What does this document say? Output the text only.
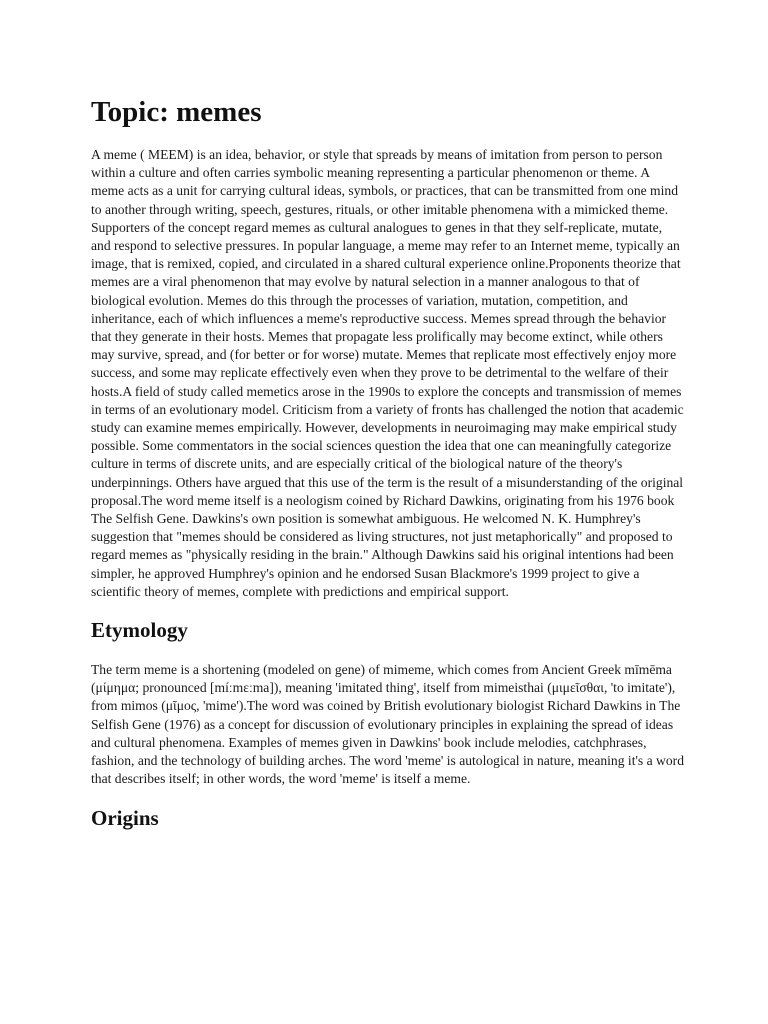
Topic: memes

A meme ( MEEM) is an idea, behavior, or style that spreads by means of imitation from person to person within a culture and often carries symbolic meaning representing a particular phenomenon or theme. A meme acts as a unit for carrying cultural ideas, symbols, or practices, that can be transmitted from one mind to another through writing, speech, gestures, rituals, or other imitable phenomena with a mimicked theme. Supporters of the concept regard memes as cultural analogues to genes in that they self-replicate, mutate, and respond to selective pressures. In popular language, a meme may refer to an Internet meme, typically an image, that is remixed, copied, and circulated in a shared cultural experience online.Proponents theorize that memes are a viral phenomenon that may evolve by natural selection in a manner analogous to that of biological evolution. Memes do this through the processes of variation, mutation, competition, and inheritance, each of which influences a meme's reproductive success. Memes spread through the behavior that they generate in their hosts. Memes that propagate less prolifically may become extinct, while others may survive, spread, and (for better or for worse) mutate. Memes that replicate most effectively enjoy more success, and some may replicate effectively even when they prove to be detrimental to the welfare of their hosts.A field of study called memetics arose in the 1990s to explore the concepts and transmission of memes in terms of an evolutionary model. Criticism from a variety of fronts has challenged the notion that academic study can examine memes empirically. However, developments in neuroimaging may make empirical study possible. Some commentators in the social sciences question the idea that one can meaningfully categorize culture in terms of discrete units, and are especially critical of the biological nature of the theory's underpinnings. Others have argued that this use of the term is the result of a misunderstanding of the original proposal.The word meme itself is a neologism coined by Richard Dawkins, originating from his 1976 book The Selfish Gene. Dawkins's own position is somewhat ambiguous. He welcomed N. K. Humphrey's suggestion that "memes should be considered as living structures, not just metaphorically" and proposed to regard memes as "physically residing in the brain." Although Dawkins said his original intentions had been simpler, he approved Humphrey's opinion and he endorsed Susan Blackmore's 1999 project to give a scientific theory of memes, complete with predictions and empirical support.

Etymology

The term meme is a shortening (modeled on gene) of mimeme, which comes from Ancient Greek mīmēma (μίμημα; pronounced [míːmɛːma]), meaning 'imitated thing', itself from mimeisthai (μιμεῖσθαι, 'to imitate'), from mimos (μῖμος, 'mime').The word was coined by British evolutionary biologist Richard Dawkins in The Selfish Gene (1976) as a concept for discussion of evolutionary principles in explaining the spread of ideas and cultural phenomena. Examples of memes given in Dawkins' book include melodies, catchphrases, fashion, and the technology of building arches. The word 'meme' is autological in nature, meaning it's a word that describes itself; in other words, the word 'meme' is itself a meme.

Origins
